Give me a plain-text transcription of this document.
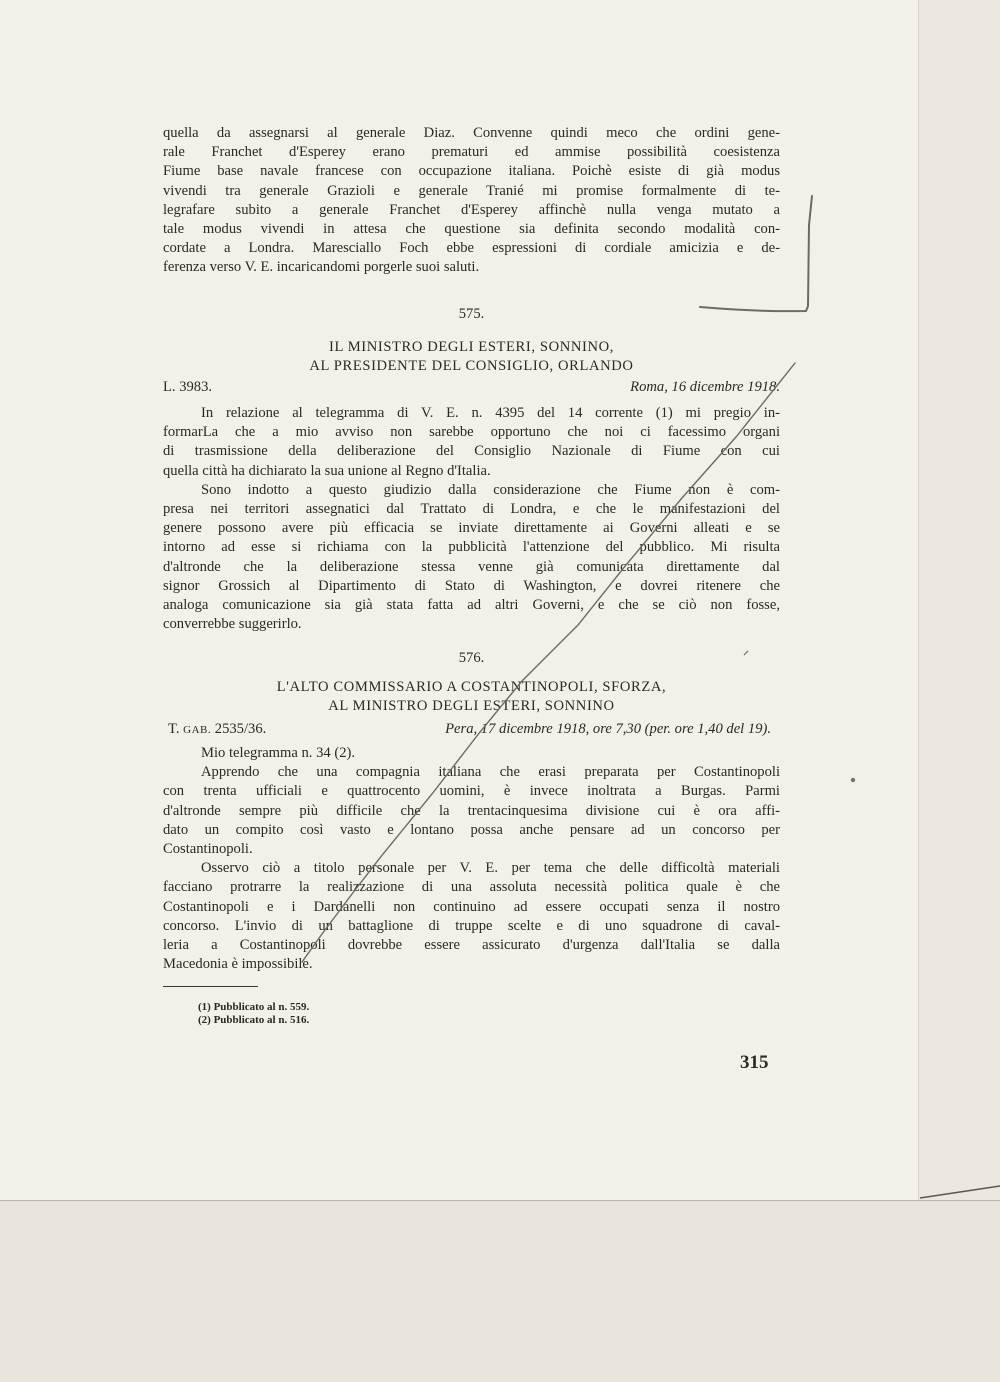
quella da assegnarsi al generale Diaz. Convenne quindi meco che ordini gene-
rale Franchet d'Esperey erano prematuri ed ammise possibilità coesistenza
Fiume base navale francese con occupazione italiana. Poichè esiste di già modus
vivendi tra generale Grazioli e generale Tranié mi promise formalmente di te-
legrafare subito a generale Franchet d'Esperey affinchè nulla venga mutato a
tale modus vivendi in attesa che questione sia definita secondo modalità con-
cordate a Londra. Maresciallo Foch ebbe espressioni di cordiale amicizia e de-
ferenza verso V. E. incaricandomi porgerle suoi saluti.
575.
IL MINISTRO DEGLI ESTERI, SONNINO,
AL PRESIDENTE DEL CONSIGLIO, ORLANDO
L. 3983.	Roma, 16 dicembre 1918.
In relazione al telegramma di V. E. n. 4395 del 14 corrente (1) mi pregio in-
formarLa che a mio avviso non sarebbe opportuno che noi ci facessimo organi
di trasmissione della deliberazione del Consiglio Nazionale di Fiume con cui
quella città ha dichiarato la sua unione al Regno d'Italia.
Sono indotto a questo giudizio dalla considerazione che Fiume non è com-
presa nei territori assegnatici dal Trattato di Londra, e che le manifestazioni del
genere possono avere più efficacia se inviate direttamente ai Governi alleati e se
intorno ad esse si richiama con la pubblicità l'attenzione del pubblico. Mi risulta
d'altronde che la deliberazione stessa venne già comunicata direttamente dal
signor Grossich al Dipartimento di Stato di Washington, e dovrei ritenere che
analoga comunicazione sia già stata fatta ad altri Governi, e che se ciò non fosse,
converrebbe suggerirlo.
576.
L'ALTO COMMISSARIO A COSTANTINOPOLI, SFORZA,
AL MINISTRO DEGLI ESTERI, SONNINO
T. GAB. 2535/36.	Pera, 17 dicembre 1918, ore 7,30 (per. ore 1,40 del 19).
Mio telegramma n. 34 (2).
Apprendo che una compagnia italiana che erasi preparata per Costantinopoli
con trenta ufficiali e quattrocento uomini, è invece inoltrata a Burgas. Parmi
d'altronde sempre più difficile che la trentacinquesima divisione cui è ora affi-
dato un compito così vasto e lontano possa anche pensare ad un concorso per
Costantinopoli.
Osservo ciò a titolo personale per V. E. per tema che delle difficoltà materiali
facciano protrarre la realizzazione di una assoluta necessità politica quale è che
Costantinopoli e i Dardanelli non continuino ad essere occupati senza il nostro
concorso. L'invio di un battaglione di truppe scelte e di uno squadrone di caval-
leria a Costantinopoli dovrebbe essere assicurato d'urgenza dall'Italia se dalla
Macedonia è impossibile.
(1) Pubblicato al n. 559.
(2) Pubblicato al n. 516.
315
